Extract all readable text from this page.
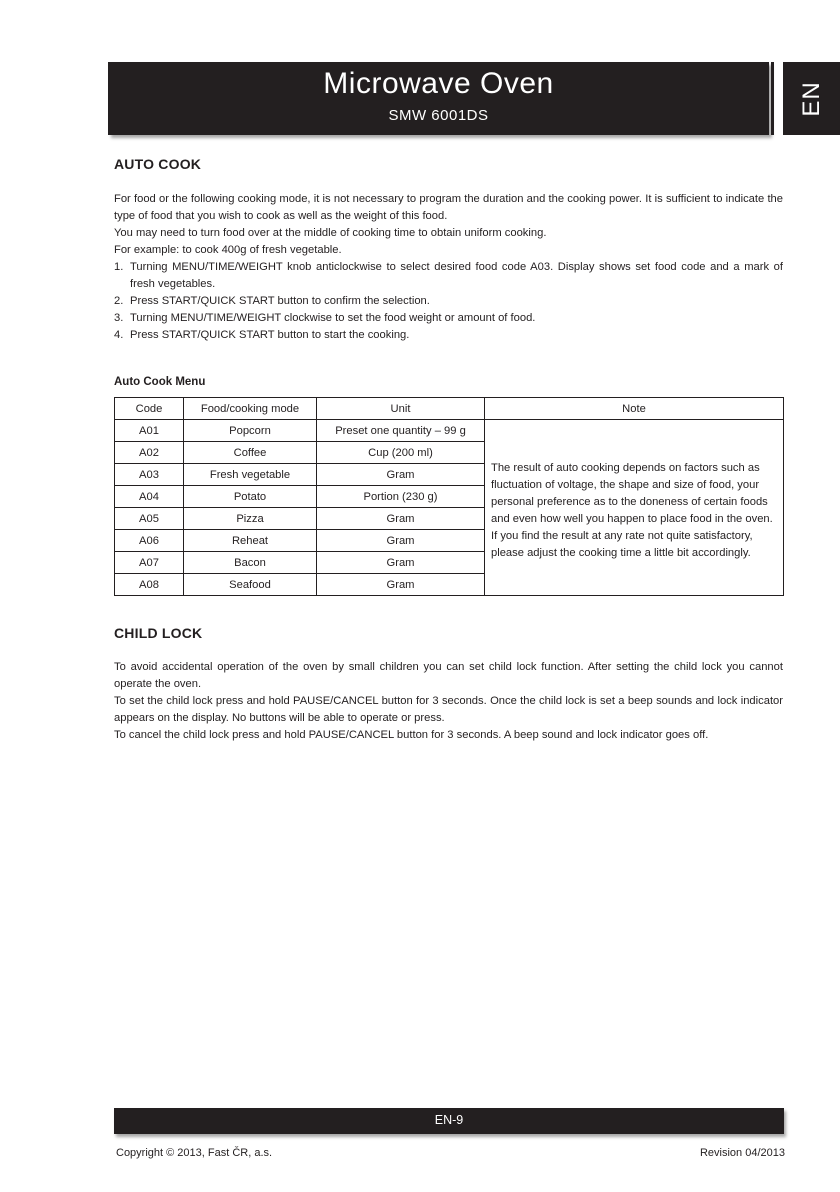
Microwave Oven
SMW 6001DS	EN
AUTO COOK

For food or the following cooking mode, it is not necessary to program the duration and the cooking power. It is sufficient to indicate the type of food that you wish to cook as well as the weight of this food.

You may need to turn food over at the middle of cooking time to obtain uniform cooking.

For example: to cook 400g of fresh vegetable.

1. Turning MENU/TIME/WEIGHT knob anticlockwise to select desired food code A03. Display shows set food code and a mark of fresh vegetables.
2. Press START/QUICK START button to confirm the selection.
3. Turning MENU/TIME/WEIGHT clockwise to set the food weight or amount of food.
4. Press START/QUICK START button to start the cooking.
Auto Cook Menu
Code	Food/cooking mode	Unit	Note
A01	Popcorn	Preset one quantity – 99 g	The result of auto cooking depends on factors such as fluctuation of voltage, the shape and size of food, your personal preference as to the doneness of certain foods and even how well you happen to place food in the oven. If you find the result at any rate not quite satisfactory, please adjust the cooking time a little bit accordingly.
A02	Coffee	Cup (200 ml)	
A03	Fresh vegetable	Gram	
A04	Potato	Portion (230 g)	
A05	Pizza	Gram	
A06	Reheat	Gram	
A07	Bacon	Gram	
A08	Seafood	Gram	
CHILD LOCK

To avoid accidental operation of the oven by small children you can set child lock function. After setting the child lock you cannot operate the oven.

To set the child lock press and hold PAUSE/CANCEL button for 3 seconds. Once the child lock is set a beep sounds and lock indicator appears on the display. No buttons will be able to operate or press.

To cancel the child lock press and hold PAUSE/CANCEL button for 3 seconds. A beep sound and lock indicator goes off.

EN-9
Copyright © 2013, Fast ČR, a.s.	Revision 04/2013
